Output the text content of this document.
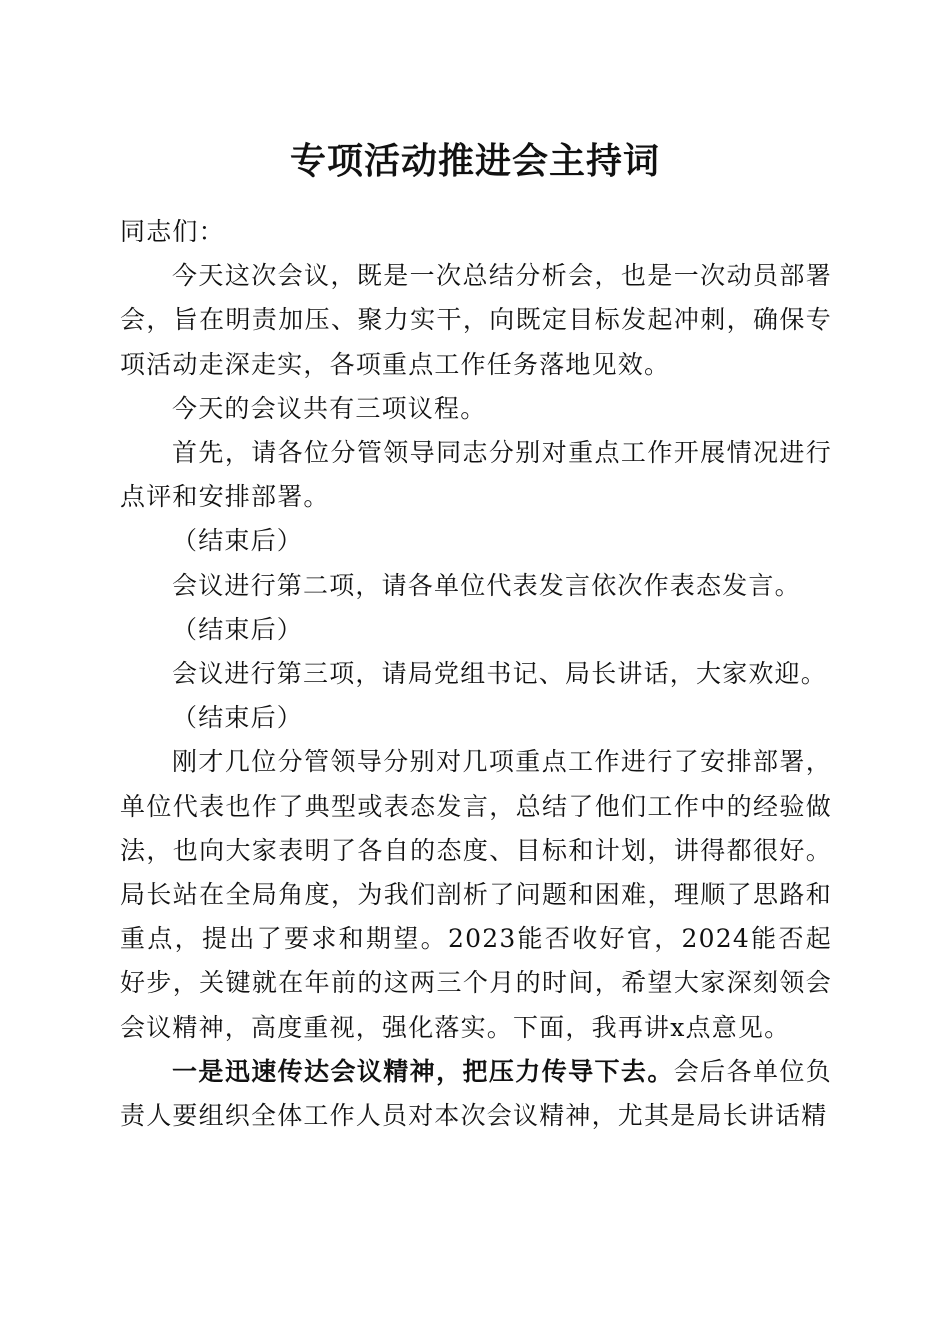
专项活动推进会主持词

同志们：

今天这次会议，既是一次总结分析会，也是一次动员部署会，旨在明责加压、聚力实干，向既定目标发起冲刺，确保专项活动走深走实，各项重点工作任务落地见效。

今天的会议共有三项议程。

首先，请各位分管领导同志分别对重点工作开展情况进行点评和安排部署。

（结束后）

会议进行第二项，请各单位代表发言依次作表态发言。

（结束后）

会议进行第三项，请局党组书记、局长讲话，大家欢迎。

（结束后）

刚才几位分管领导分别对几项重点工作进行了安排部署，单位代表也作了典型或表态发言，总结了他们工作中的经验做法，也向大家表明了各自的态度、目标和计划，讲得都很好。局长站在全局角度，为我们剖析了问题和困难，理顺了思路和重点，提出了要求和期望。2023能否收好官，2024能否起好步，关键就在年前的这两三个月的时间，希望大家深刻领会会议精神，高度重视，强化落实。下面，我再讲x点意见。

一是迅速传达会议精神，把压力传导下去。会后各单位负责人要组织全体工作人员对本次会议精神，尤其是局长讲话精
